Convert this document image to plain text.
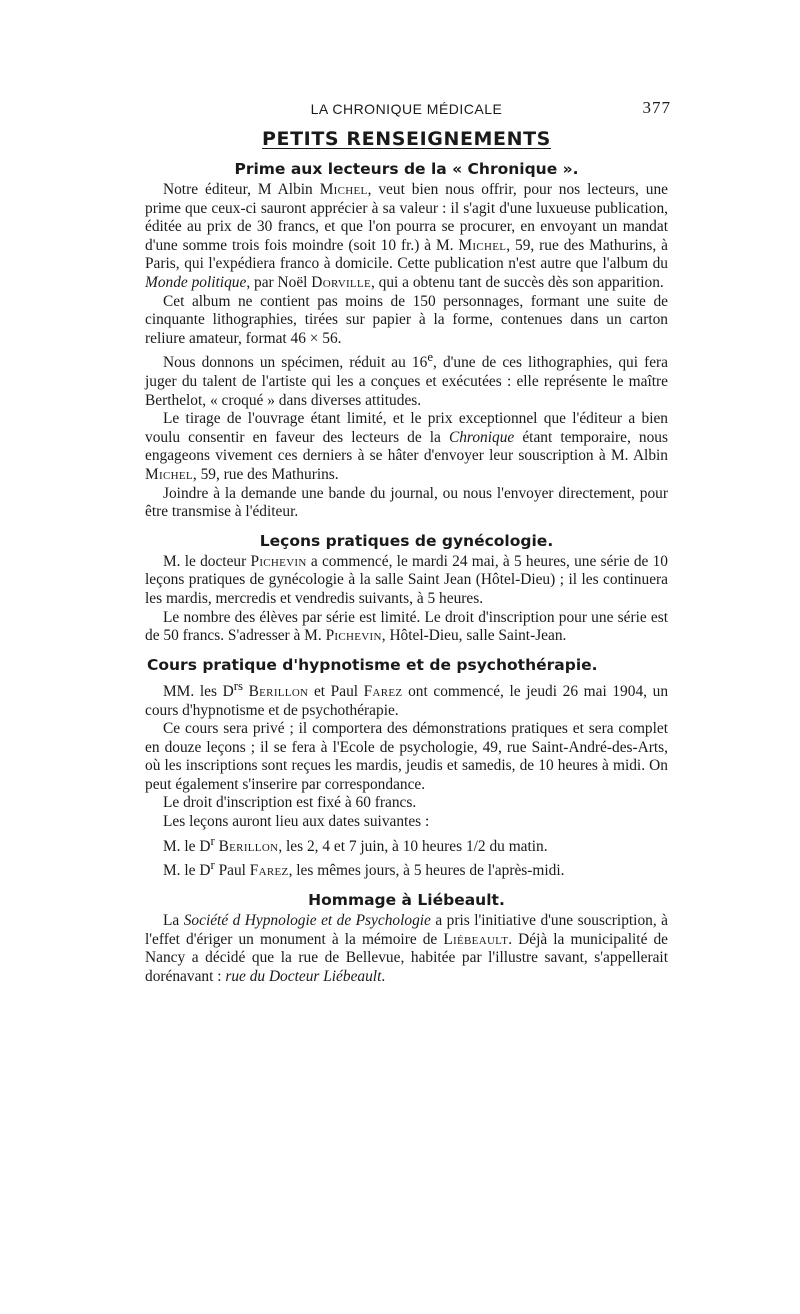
LA CHRONIQUE MÉDICALE	377
PETITS RENSEIGNEMENTS
Prime aux lecteurs de la « Chronique ».

Notre éditeur, M Albin Michel, veut bien nous offrir, pour nos lecteurs, une prime que ceux-ci sauront apprécier à sa valeur : il s'agit d'une luxueuse publication, éditée au prix de 30 francs, et que l'on pourra se procurer, en envoyant un mandat d'une somme trois fois moindre (soit 10 fr.) à M. Michel, 59, rue des Mathurins, à Paris, qui l'expédiera franco à domicile. Cette publication n'est autre que l'album du Monde politique, par Noël Dorville, qui a obtenu tant de succès dès son apparition.

Cet album ne contient pas moins de 150 personnages, formant une suite de cinquante lithographies, tirées sur papier à la forme, contenues dans un carton reliure amateur, format 46 × 56.

Nous donnons un spécimen, réduit au 16e, d'une de ces lithographies, qui fera juger du talent de l'artiste qui les a conçues et exécutées : elle représente le maître Berthelot, « croqué » dans diverses attitudes.

Le tirage de l'ouvrage étant limité, et le prix exceptionnel que l'éditeur a bien voulu consentir en faveur des lecteurs de la Chronique étant temporaire, nous engageons vivement ces derniers à se hâter d'envoyer leur souscription à M. Albin Michel, 59, rue des Mathurins.

Joindre à la demande une bande du journal, ou nous l'envoyer directement, pour être transmise à l'éditeur.

Leçons pratiques de gynécologie.

M. le docteur Pichevin a commencé, le mardi 24 mai, à 5 heures, une série de 10 leçons pratiques de gynécologie à la salle Saint Jean (Hôtel-Dieu) ; il les continuera les mardis, mercredis et vendredis suivants, à 5 heures.

Le nombre des élèves par série est limité. Le droit d'inscription pour une série est de 50 francs. S'adresser à M. Pichevin, Hôtel-Dieu, salle Saint-Jean.

Cours pratique d'hypnotisme et de psychothérapie.

MM. les $D^{rs}$ Berillon et Paul Farez ont commencé, le jeudi 26 mai 1904, un cours d'hypnotisme et de psychothérapie.

Ce cours sera privé ; il comportera des démonstrations pratiques et sera complet en douze leçons ; il se fera à l'Ecole de psychologie, 49, rue Saint-André-des-Arts, où les inscriptions sont reçues les mardis, jeudis et samedis, de 10 heures à midi. On peut également s'inserire par correspondance.

Le droit d'inscription est fixé à 60 francs.

Les leçons auront lieu aux dates suivantes :

M. le $D^r$ Berillon, les 2, 4 et 7 juin, à 10 heures 1/2 du matin.

M. le $D^r$ Paul Farez, les mêmes jours, à 5 heures de l'après-midi.

Hommage à Liébeault.

La Société d Hypnologie et de Psychologie a pris l'initiative d'une souscription, à l'effet d'ériger un monument à la mémoire de Liébeault. Déjà la municipalité de Nancy a décidé que la rue de Bellevue, habitée par l'illustre savant, s'appellerait dorénavant : rue du Docteur Liébeault.
